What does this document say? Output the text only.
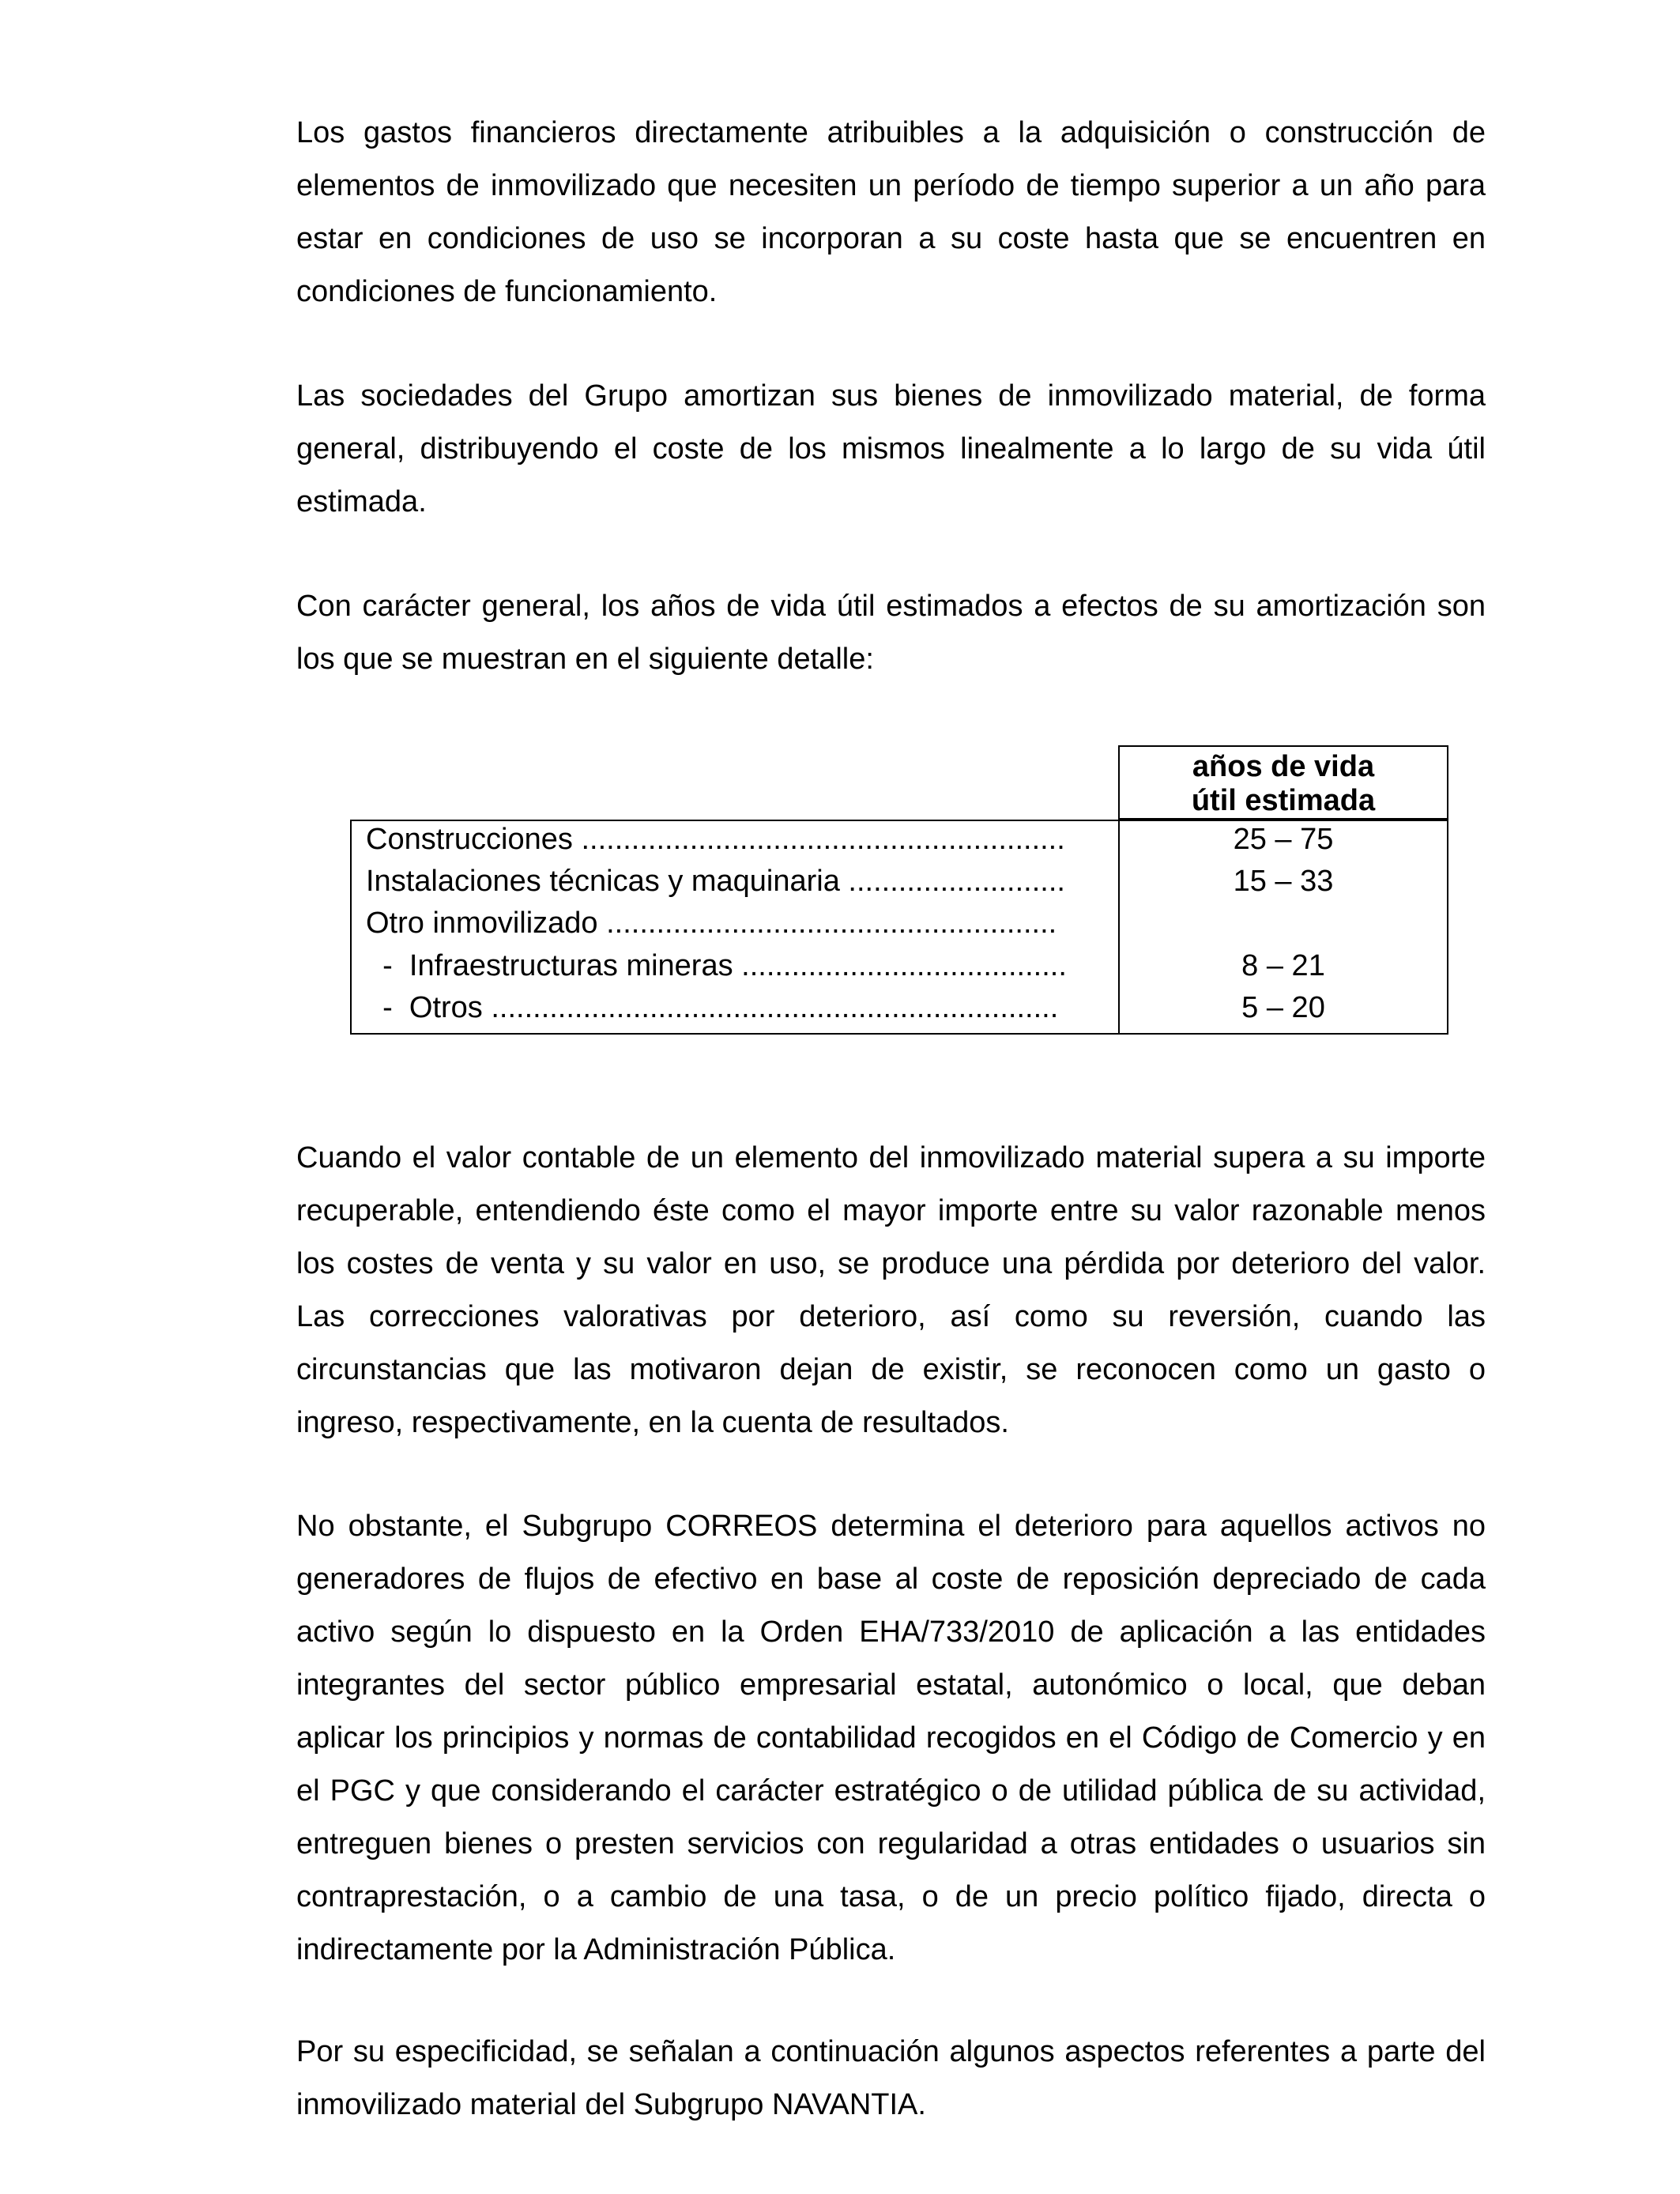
Los gastos financieros directamente atribuibles a la adquisición o construcción de
elementos de inmovilizado que necesiten un período de tiempo superior a un año para
estar en condiciones de uso se incorporan a su coste hasta que se encuentren en
condiciones de funcionamiento.
Las sociedades del Grupo amortizan sus bienes de inmovilizado material, de forma
general, distribuyendo el coste de los mismos linealmente a lo largo de su vida útil
estimada.
Con carácter general, los años de vida útil estimados a efectos de su amortización son
los que se muestran en el siguiente detalle:
años de vida
útil estimada
Construcciones ..........................................................	25 – 75
Instalaciones técnicas y maquinaria ..........................	15 – 33
Otro inmovilizado ......................................................
-  Infraestructuras mineras .......................................	8 – 21
-  Otros ....................................................................	5 – 20
Cuando el valor contable de un elemento del inmovilizado material supera a su importe
recuperable, entendiendo éste como el mayor importe entre su valor razonable menos
los costes de venta y su valor en uso, se produce una pérdida por deterioro del valor.
Las correcciones valorativas por deterioro, así como su reversión, cuando las
circunstancias que las motivaron dejan de existir, se reconocen como un gasto o
ingreso, respectivamente, en la cuenta de resultados.
No obstante, el Subgrupo CORREOS determina el deterioro para aquellos activos no
generadores de flujos de efectivo en base al coste de reposición depreciado de cada
activo según lo dispuesto en la Orden EHA/733/2010 de aplicación a las entidades
integrantes del sector público empresarial estatal, autonómico o local, que deban
aplicar los principios y normas de contabilidad recogidos en el Código de Comercio y en
el PGC y que considerando el carácter estratégico o de utilidad pública de su actividad,
entreguen bienes o presten servicios con regularidad a otras entidades o usuarios sin
contraprestación, o a cambio de una tasa, o de un precio político fijado, directa o
indirectamente por la Administración Pública.
Por su especificidad, se señalan a continuación algunos aspectos referentes a parte del
inmovilizado material del Subgrupo NAVANTIA.
